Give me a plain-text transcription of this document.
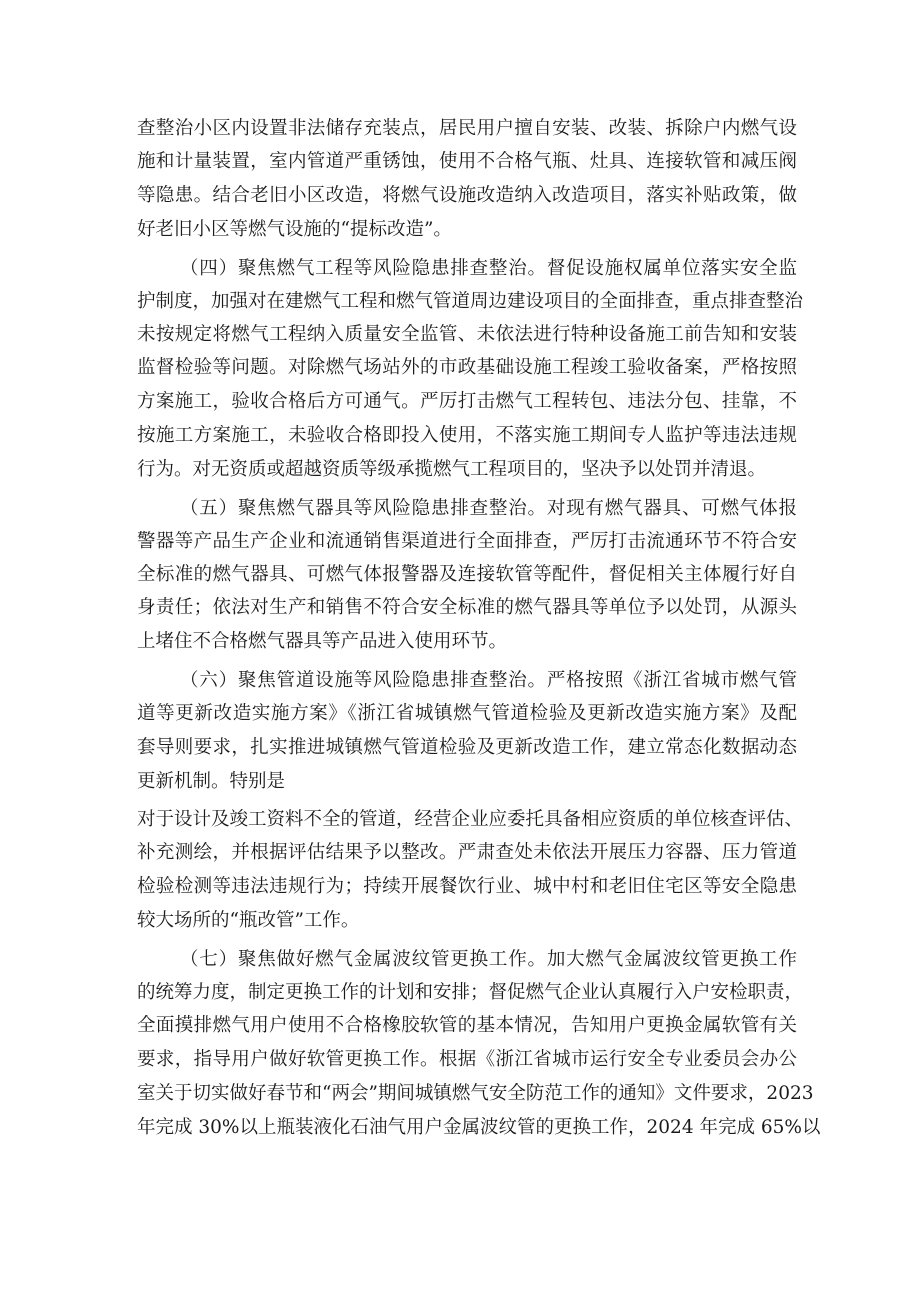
查整治小区内设置非法储存充装点，居民用户擅自安装、改装、拆除户内燃气设
施和计量装置，室内管道严重锈蚀，使用不合格气瓶、灶具、连接软管和减压阀
等隐患。结合老旧小区改造，将燃气设施改造纳入改造项目，落实补贴政策，做
好老旧小区等燃气设施的“提标改造”。
（四）聚焦燃气工程等风险隐患排查整治。督促设施权属单位落实安全监
护制度，加强对在建燃气工程和燃气管道周边建设项目的全面排查，重点排查整治
未按规定将燃气工程纳入质量安全监管、未依法进行特种设备施工前告知和安装
监督检验等问题。对除燃气场站外的市政基础设施工程竣工验收备案，严格按照
方案施工，验收合格后方可通气。严厉打击燃气工程转包、违法分包、挂靠，不
按施工方案施工，未验收合格即投入使用，不落实施工期间专人监护等违法违规
行为。对无资质或超越资质等级承揽燃气工程项目的，坚决予以处罚并清退。
（五）聚焦燃气器具等风险隐患排查整治。对现有燃气器具、可燃气体报
警器等产品生产企业和流通销售渠道进行全面排查，严厉打击流通环节不符合安
全标准的燃气器具、可燃气体报警器及连接软管等配件，督促相关主体履行好自
身责任；依法对生产和销售不符合安全标准的燃气器具等单位予以处罚，从源头
上堵住不合格燃气器具等产品进入使用环节。
（六）聚焦管道设施等风险隐患排查整治。严格按照《浙江省城市燃气管
道等更新改造实施方案》《浙江省城镇燃气管道检验及更新改造实施方案》及配
套导则要求，扎实推进城镇燃气管道检验及更新改造工作，建立常态化数据动态
更新机制。特别是
对于设计及竣工资料不全的管道，经营企业应委托具备相应资质的单位核查评估、
补充测绘，并根据评估结果予以整改。严肃查处未依法开展压力容器、压力管道
检验检测等违法违规行为；持续开展餐饮行业、城中村和老旧住宅区等安全隐患
较大场所的“瓶改管”工作。
（七）聚焦做好燃气金属波纹管更换工作。加大燃气金属波纹管更换工作
的统筹力度，制定更换工作的计划和安排；督促燃气企业认真履行入户安检职责，
全面摸排燃气用户使用不合格橡胶软管的基本情况，告知用户更换金属软管有关
要求，指导用户做好软管更换工作。根据《浙江省城市运行安全专业委员会办公
室关于切实做好春节和“两会”期间城镇燃气安全防范工作的通知》文件要求，2023
年完成 30%以上瓶装液化石油气用户金属波纹管的更换工作，2024 年完成 65%以
